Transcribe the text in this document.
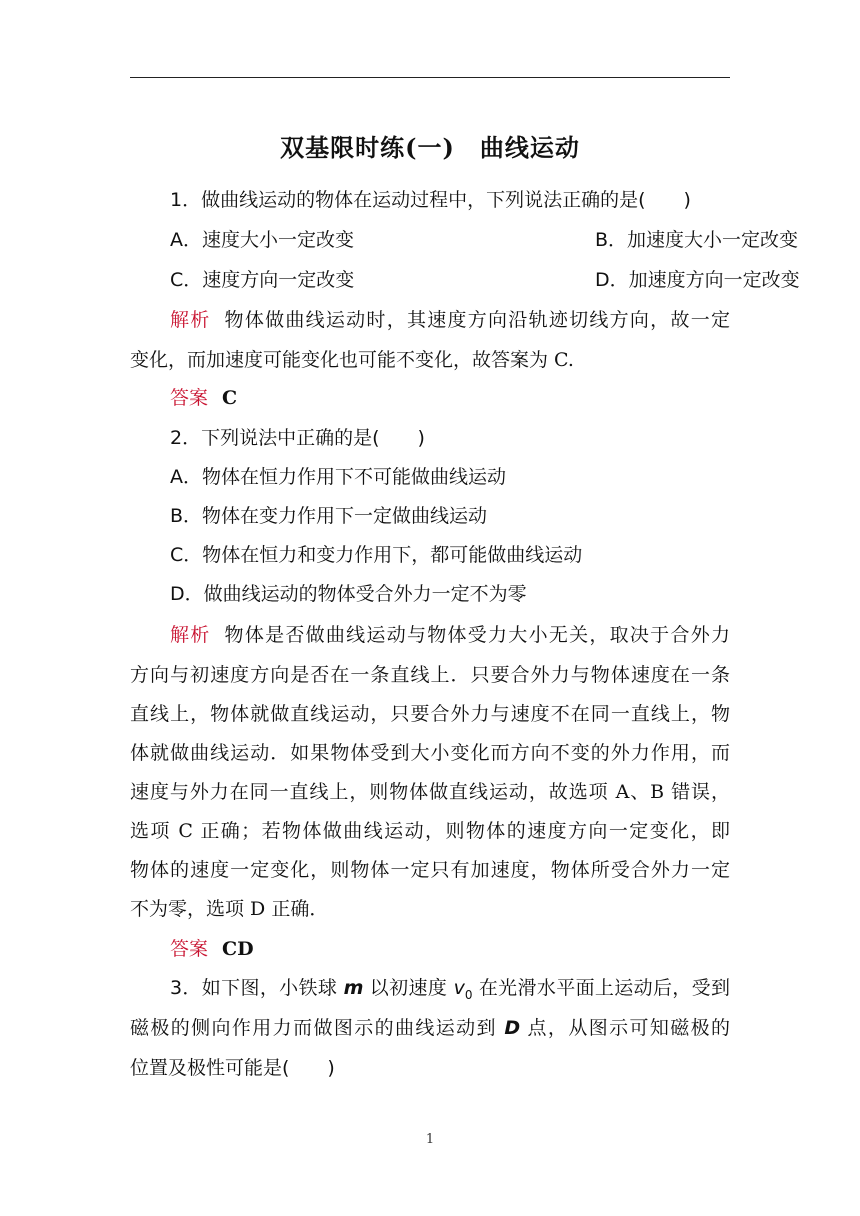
双基限时练(一)　曲线运动
1．做曲线运动的物体在运动过程中，下列说法正确的是(　　)
A．速度大小一定改变	B．加速度大小一定改变
C．速度方向一定改变	D．加速度方向一定改变
解析 物体做曲线运动时，其速度方向沿轨迹切线方向，故一定
变化，而加速度可能变化也可能不变化，故答案为 C.
答案 C
2．下列说法中正确的是(　　)
A．物体在恒力作用下不可能做曲线运动
B．物体在变力作用下一定做曲线运动
C．物体在恒力和变力作用下，都可能做曲线运动
D．做曲线运动的物体受合外力一定不为零
解析 物体是否做曲线运动与物体受力大小无关，取决于合外力
方向与初速度方向是否在一条直线上．只要合外力与物体速度在一条
直线上，物体就做直线运动，只要合外力与速度不在同一直线上，物
体就做曲线运动．如果物体受到大小变化而方向不变的外力作用，而
速度与外力在同一直线上，则物体做直线运动，故选项 A、B 错误，
选项 C 正确；若物体做曲线运动，则物体的速度方向一定变化，即
物体的速度一定变化，则物体一定只有加速度，物体所受合外力一定
不为零，选项 D 正确．
答案 CD
3．如下图，小铁球 m 以初速度 $v_0$ 在光滑水平面上运动后，受到
磁极的侧向作用力而做图示的曲线运动到 D 点，从图示可知磁极的
位置及极性可能是(　　)
1
